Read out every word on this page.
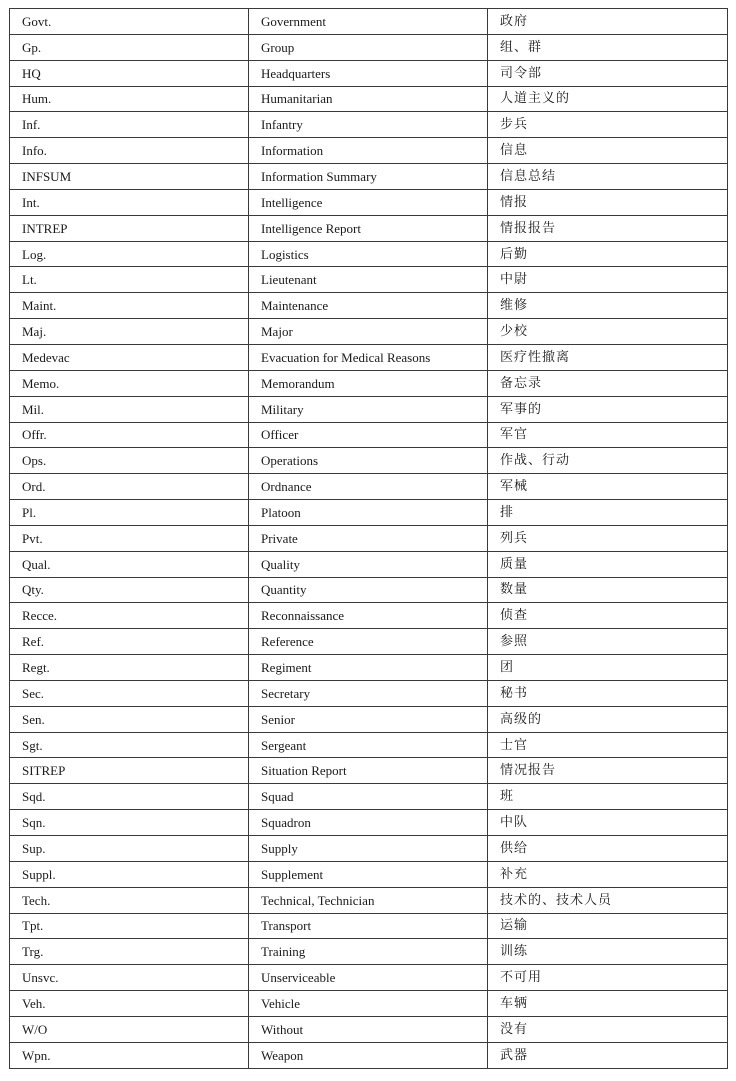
Govt.	Government	政府
Gp.	Group	组、群
HQ	Headquarters	司令部
Hum.	Humanitarian	人道主义的
Inf.	Infantry	步兵
Info.	Information	信息
INFSUM	Information Summary	信息总结
Int.	Intelligence	情报
INTREP	Intelligence Report	情报报告
Log.	Logistics	后勤
Lt.	Lieutenant	中尉
Maint.	Maintenance	维修
Maj.	Major	少校
Medevac	Evacuation for Medical Reasons	医疗性撤离
Memo.	Memorandum	备忘录
Mil.	Military	军事的
Offr.	Officer	军官
Ops.	Operations	作战、行动
Ord.	Ordnance	军械
Pl.	Platoon	排
Pvt.	Private	列兵
Qual.	Quality	质量
Qty.	Quantity	数量
Recce.	Reconnaissance	侦查
Ref.	Reference	参照
Regt.	Regiment	团
Sec.	Secretary	秘书
Sen.	Senior	高级的
Sgt.	Sergeant	士官
SITREP	Situation Report	情况报告
Sqd.	Squad	班
Sqn.	Squadron	中队
Sup.	Supply	供给
Suppl.	Supplement	补充
Tech.	Technical, Technician	技术的、技术人员
Tpt.	Transport	运输
Trg.	Training	训练
Unsvc.	Unserviceable	不可用
Veh.	Vehicle	车辆
W/O	Without	没有
Wpn.	Weapon	武器
